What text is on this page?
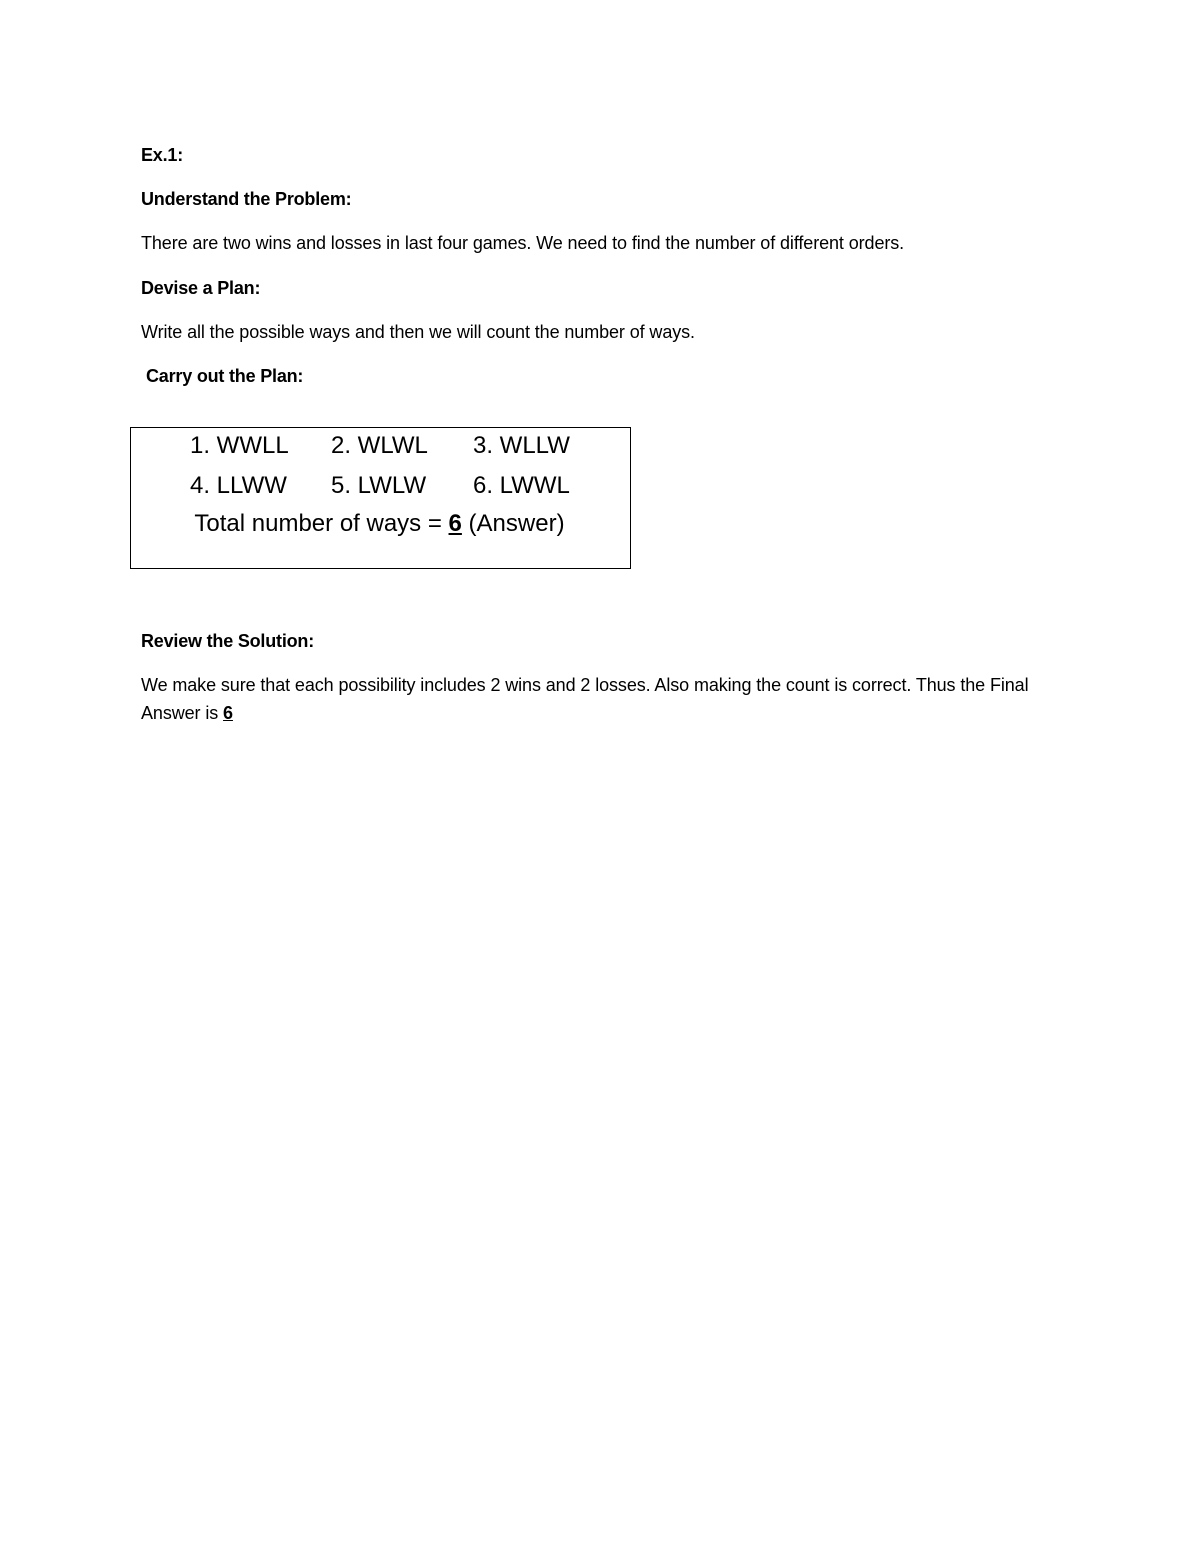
Ex.1:

Understand the Problem:

There are two wins and losses in last four games. We need to find the number of different orders.

Devise a Plan:

Write all the possible ways and then we will count the number of ways.

Carry out the Plan:

1. WWLL 2. WLWL 3. WLLW
4. LLWW 5. LWLW 6. LWWL
Total number of ways = 6 (Answer)

Review the Solution:

We make sure that each possibility includes 2 wins and 2 losses. Also making the count is correct. Thus the Final Answer is 6
